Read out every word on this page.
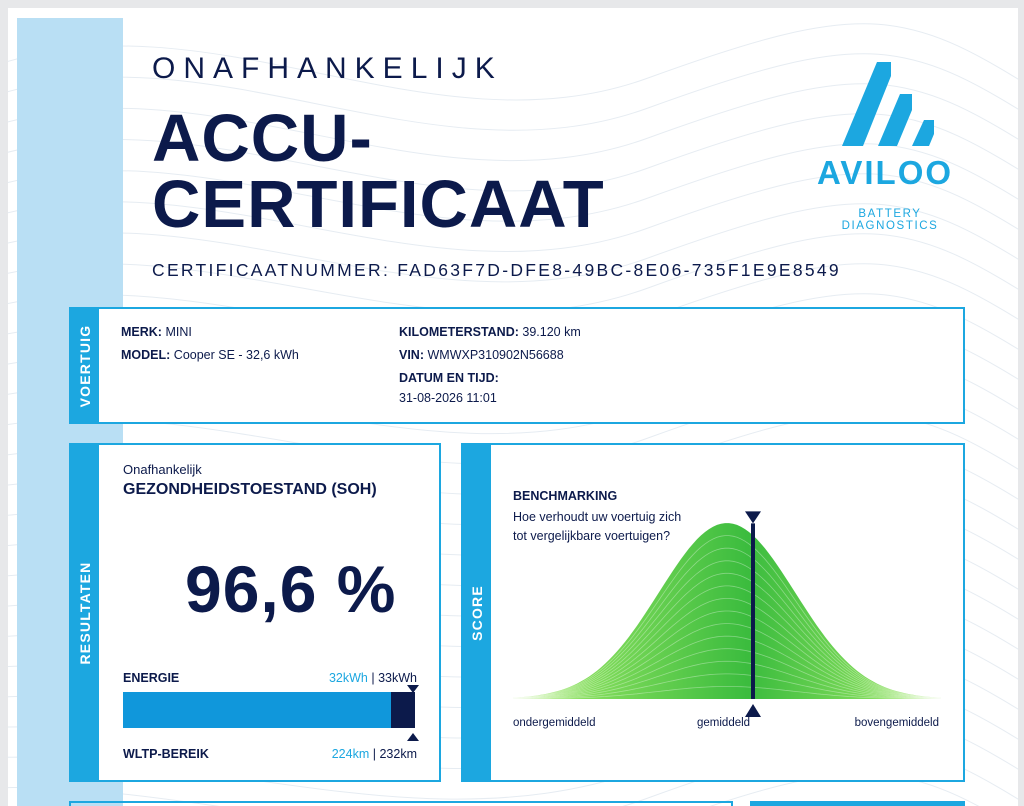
ONAFHANKELIJK
ACCU-
CERTIFICAAT
CERTIFICAATNUMMER: FAD63F7D-DFE8-49BC-8E06-735F1E9E8549
AVILOO
BATTERY DIAGNOSTICS
VOERTUIG MERK: MINI
MODEL: Cooper SE - 32,6 kWh
KILOMETERSTAND: 39.120 km
VIN: WMWXP310902N56688
DATUM EN TIJD:
31-08-2026 11:01
RESULTATEN
Onafhankelijk
GEZONDHEIDSTOESTAND (SOH)
96,6 %
ENERGIE	32kWh | 33kWh
WLTP-BEREIK	224km | 232km
SCORE
BENCHMARKING
Hoe verhoudt uw voertuig zich tot vergelijkbare voertuigen?
ondergemiddeld	gemiddeld	bovengemiddeld
